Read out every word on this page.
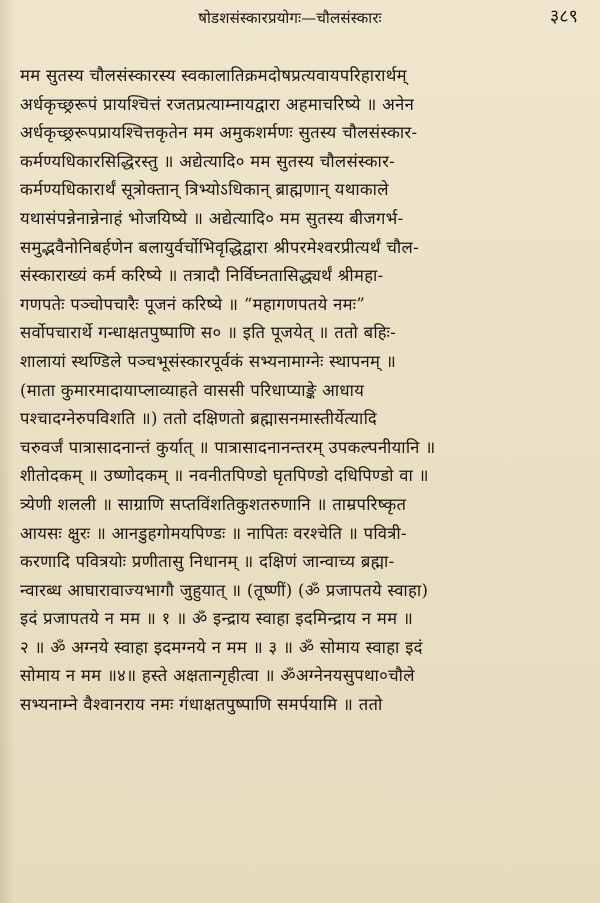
षोडशसंस्कारप्रयोगः—चौलसंस्कारः	३८९
मम सुतस्य चौलसंस्कारस्य स्वकालातिक्रमदोषप्रत्यवायपरिहारार्थम्
अर्धकृच्छ्ररूपं प्रायश्चित्तं रजतप्रत्याम्नायद्वारा अहमाचरिष्ये ॥ अनेन
अर्धकृच्छ्ररूपप्रायश्चित्तकृतेन मम अमुकशर्मणः सुतस्य चौलसंस्कार-
कर्मण्यधिकारसिद्धिरस्तु ॥ अद्येत्यादि० मम सुतस्य चौलसंस्कार-
कर्मण्यधिकारार्थं सूत्रोक्तान् त्रिभ्योऽधिकान् ब्राह्मणान् यथाकाले
यथासंपन्नेनान्नेनाहं भोजयिष्ये ॥ अद्येत्यादि० मम सुतस्य बीजगर्भ-
समुद्भवैनोनिबर्हणेन बलायुर्वर्चोभिवृद्धिद्वारा श्रीपरमेश्वरप्रीत्यर्थं चौल-
संस्काराख्यं कर्म करिष्ये ॥ तत्रादौ निर्विघ्नतासिद्ध्यर्थं श्रीमहा-
गणपतेः पञ्चोपचारैः पूजनं करिष्ये ॥ “महागणपतये नमः”
सर्वोपचारार्थे गन्धाक्षतपुष्पाणि स० ॥ इति पूजयेत् ॥ ततो बहिः-
शालायां स्थण्डिले पञ्चभूसंस्कारपूर्वकं सभ्यनामाग्नेः स्थापनम् ॥
(माता कुमारमादायाप्लाव्याहते वाससी परिधाप्याङ्के आधाय
पश्चादग्नेरुपविशति ॥) ततो दक्षिणतो ब्रह्मासनमास्तीर्येत्यादि
चरुवर्जं पात्रासादनान्तं कुर्यात् ॥ पात्रासादनानन्तरम् उपकल्पनीयानि ॥
शीतोदकम् ॥ उष्णोदकम् ॥ नवनीतपिण्डो घृतपिण्डो दधिपिण्डो वा ॥
त्र्येणी शलली ॥ साग्राणि सप्तविंशतिकुशतरुणानि ॥ ताम्रपरिष्कृत
आयसः क्षुरः ॥ आनडुहगोमयपिण्डः ॥ नापितः वरश्चेति ॥ पवित्री-
करणादि पवित्रयोः प्रणीतासु निधानम् ॥ दक्षिणं जान्वाच्य ब्रह्मा-
न्वारब्ध आघारावाज्यभागौ जुहुयात् ॥ (तूष्णीं) (ॐ प्रजापतये स्वाहा)
इदं प्रजापतये न मम ॥ १ ॥ ॐ इन्द्राय स्वाहा इदमिन्द्राय न मम ॥
२ ॥ ॐ अग्नये स्वाहा इदमग्नये न मम ॥ ३ ॥ ॐ सोमाय स्वाहा इदं
सोमाय न मम ॥४॥ हस्ते अक्षतान्गृहीत्वा ॥ ॐअग्नेनयसुपथा०चौले
सभ्यनाम्ने वैश्वानराय नमः गंधाक्षतपुष्पाणि समर्पयामि ॥ ततो
